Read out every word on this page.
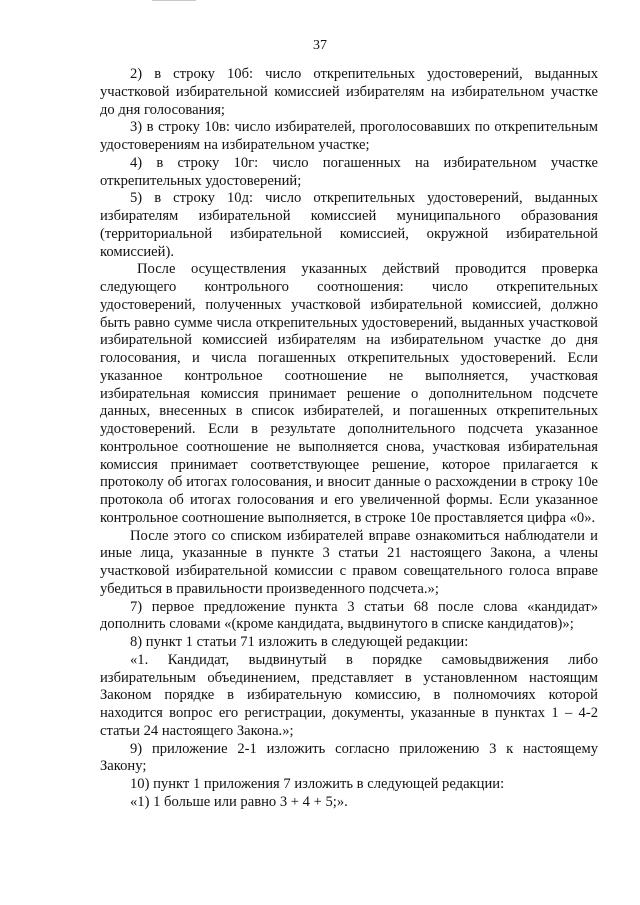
37

2) в строку 10б: число открепительных удостоверений, выданных участковой избирательной комиссией избирателям на избирательном участке до дня голосования;

3) в строку 10в: число избирателей, проголосовавших по открепительным удостоверениям на избирательном участке;

4) в строку 10г: число погашенных на избирательном участке открепительных удостоверений;

5) в строку 10д: число открепительных удостоверений, выданных избирателям избирательной комиссией муниципального образования (территориальной избирательной комиссией, окружной избирательной комиссией).

После осуществления указанных действий проводится проверка следующего контрольного соотношения: число открепительных удостоверений, полученных участковой избирательной комиссией, должно быть равно сумме числа открепительных удостоверений, выданных участковой избирательной комиссией избирателям на избирательном участке до дня голосования, и числа погашенных открепительных удостоверений. Если указанное контрольное соотношение не выполняется, участковая избирательная комиссия принимает решение о дополнительном подсчете данных, внесенных в список избирателей, и погашенных открепительных удостоверений. Если в результате дополнительного подсчета указанное контрольное соотношение не выполняется снова, участковая избирательная комиссия принимает соответствующее решение, которое прилагается к протоколу об итогах голосования, и вносит данные о расхождении в строку 10е протокола об итогах голосования и его увеличенной формы. Если указанное контрольное соотношение выполняется, в строке 10е проставляется цифра «0».

После этого со списком избирателей вправе ознакомиться наблюдатели и иные лица, указанные в пункте 3 статьи 21 настоящего Закона, а члены участковой избирательной комиссии с правом совещательного голоса вправе убедиться в правильности произведенного подсчета.»;

7) первое предложение пункта 3 статьи 68 после слова «кандидат» дополнить словами «(кроме кандидата, выдвинутого в списке кандидатов)»;

8) пункт 1 статьи 71 изложить в следующей редакции:

«1. Кандидат, выдвинутый в порядке самовыдвижения либо избирательным объединением, представляет в установленном настоящим Законом порядке в избирательную комиссию, в полномочиях которой находится вопрос его регистрации, документы, указанные в пунктах 1 – 4-2 статьи 24 настоящего Закона.»;

9) приложение 2-1 изложить согласно приложению 3 к настоящему Закону;

10) пункт 1 приложения 7 изложить в следующей редакции:

«1) 1 больше или равно 3 + 4 + 5;».
